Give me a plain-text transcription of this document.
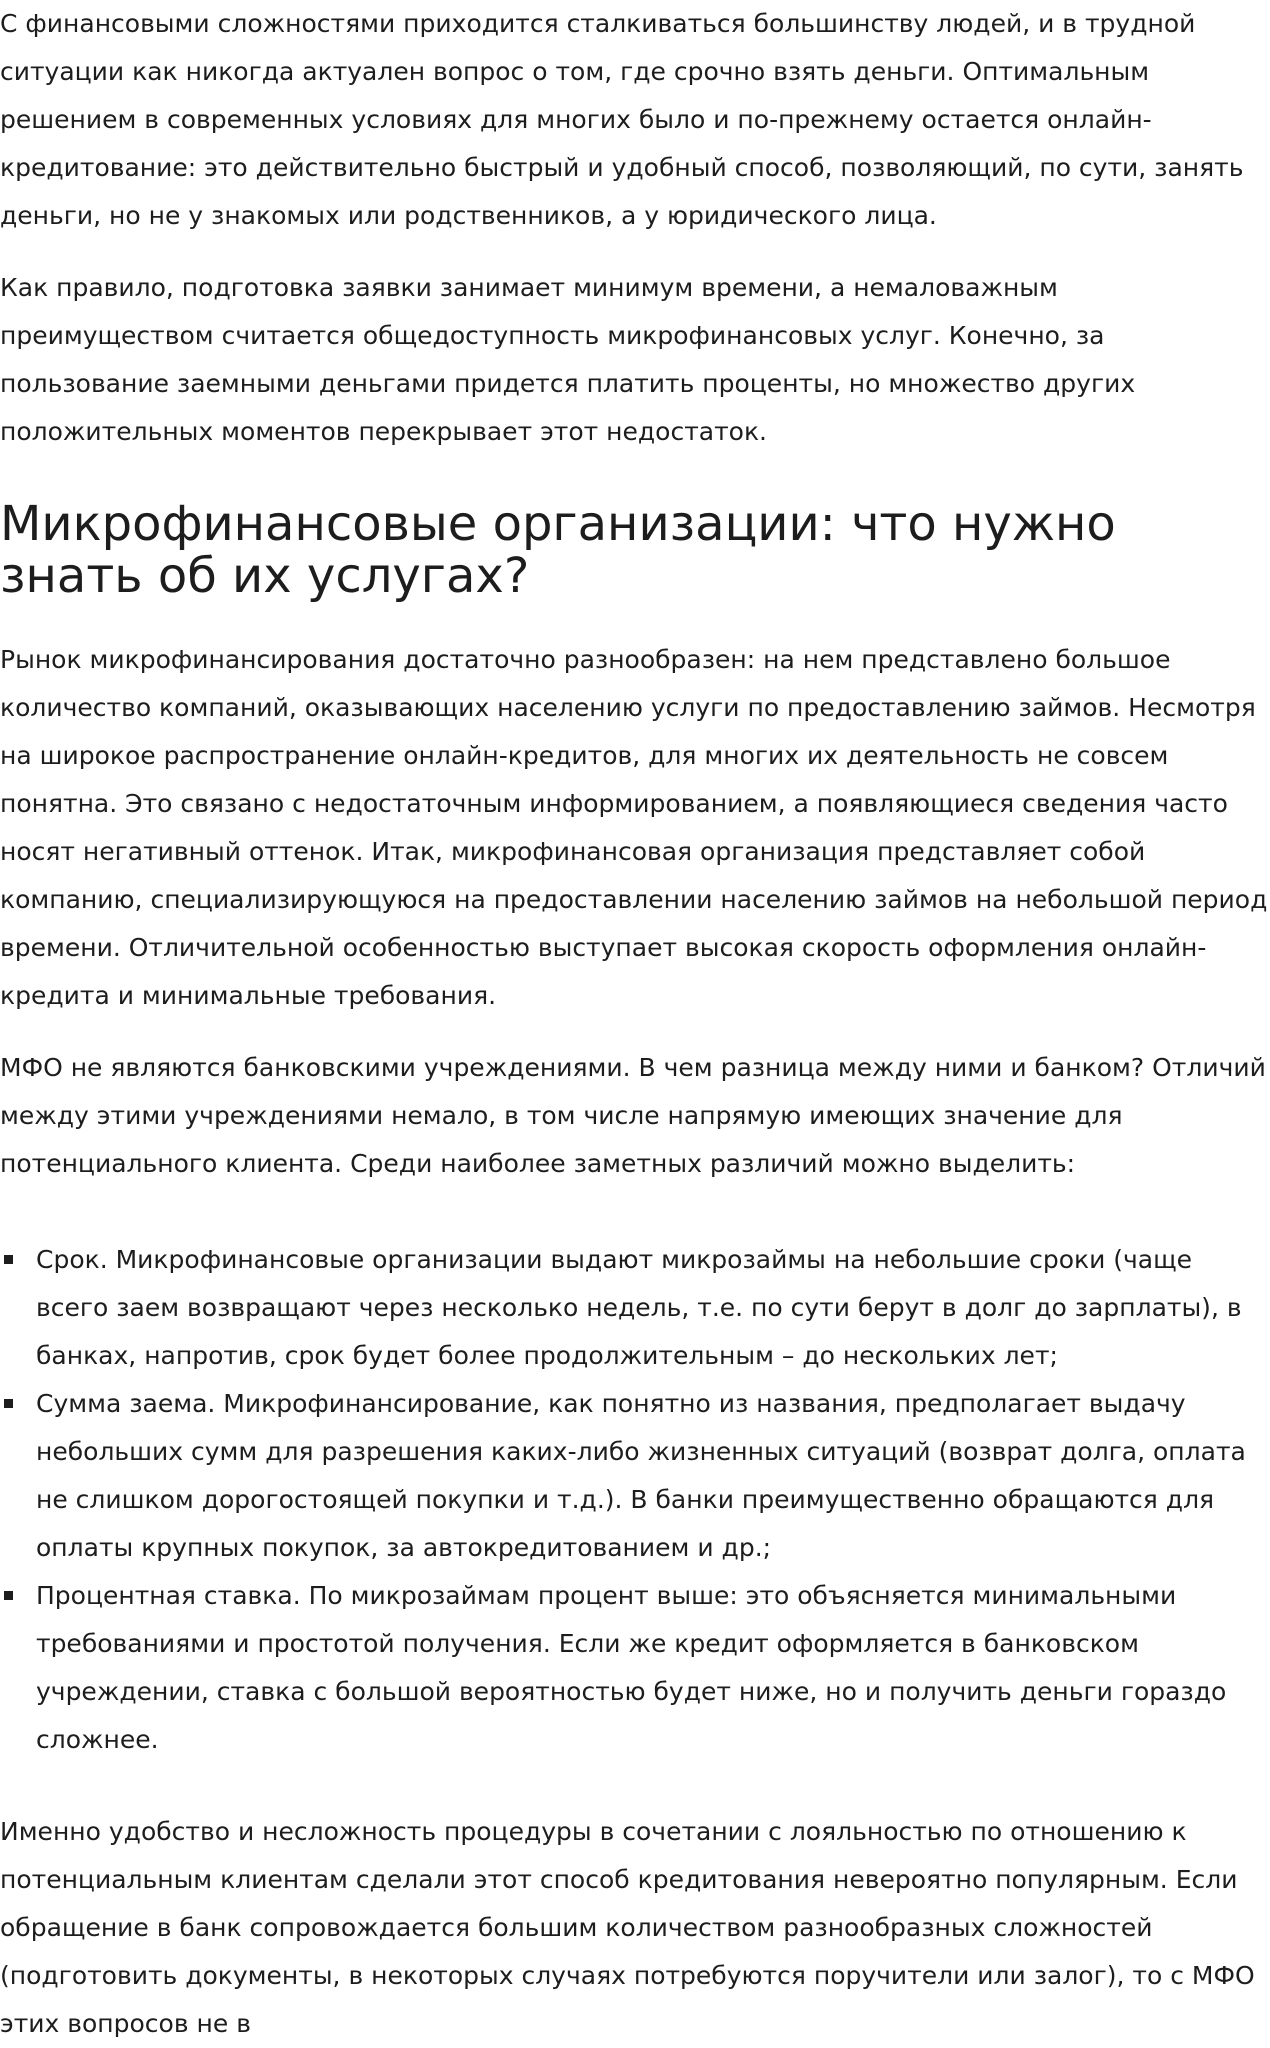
С финансовыми сложностями приходится сталкиваться большинству людей, и в трудной ситуации как никогда актуален вопрос о том, где срочно взять деньги. Оптимальным решением в современных условиях для многих было и по-прежнему остается онлайн-кредитование: это действительно быстрый и удобный способ, позволяющий, по сути, занять деньги, но не у знакомых или родственников, а у юридического лица.

Как правило, подготовка заявки занимает минимум времени, а немаловажным преимуществом считается общедоступность микрофинансовых услуг. Конечно, за пользование заемными деньгами придется платить проценты, но множество других положительных моментов перекрывает этот недостаток.

Микрофинансовые организации: что нужно знать об их услугах?

Рынок микрофинансирования достаточно разнообразен: на нем представлено большое количество компаний, оказывающих населению услуги по предоставлению займов. Несмотря на широкое распространение онлайн-кредитов, для многих их деятельность не совсем понятна. Это связано с недостаточным информированием, а появляющиеся сведения часто носят негативный оттенок. Итак, микрофинансовая организация представляет собой компанию, специализирующуюся на предоставлении населению займов на небольшой период времени. Отличительной особенностью выступает высокая скорость оформления онлайн-кредита и минимальные требования.

МФО не являются банковскими учреждениями. В чем разница между ними и банком? Отличий между этими учреждениями немало, в том числе напрямую имеющих значение для потенциального клиента. Среди наиболее заметных различий можно выделить:

Срок. Микрофинансовые организации выдают микрозаймы на небольшие сроки (чаще всего заем возвращают через несколько недель, т.е. по сути берут в долг до зарплаты), в банках, напротив, срок будет более продолжительным – до нескольких лет;
Сумма заема. Микрофинансирование, как понятно из названия, предполагает выдачу небольших сумм для разрешения каких-либо жизненных ситуаций (возврат долга, оплата не слишком дорогостоящей покупки и т.д.). В банки преимущественно обращаются для оплаты крупных покупок, за автокредитованием и др.;
Процентная ставка. По микрозаймам процент выше: это объясняется минимальными требованиями и простотой получения. Если же кредит оформляется в банковском учреждении, ставка с большой вероятностью будет ниже, но и получить деньги гораздо сложнее.

Именно удобство и несложность процедуры в сочетании с лояльностью по отношению к потенциальным клиентам сделали этот способ кредитования невероятно популярным. Если обращение в банк сопровождается большим количеством разнообразных сложностей (подготовить документы, в некоторых случаях потребуются поручители или залог), то с МФО этих вопросов не в
